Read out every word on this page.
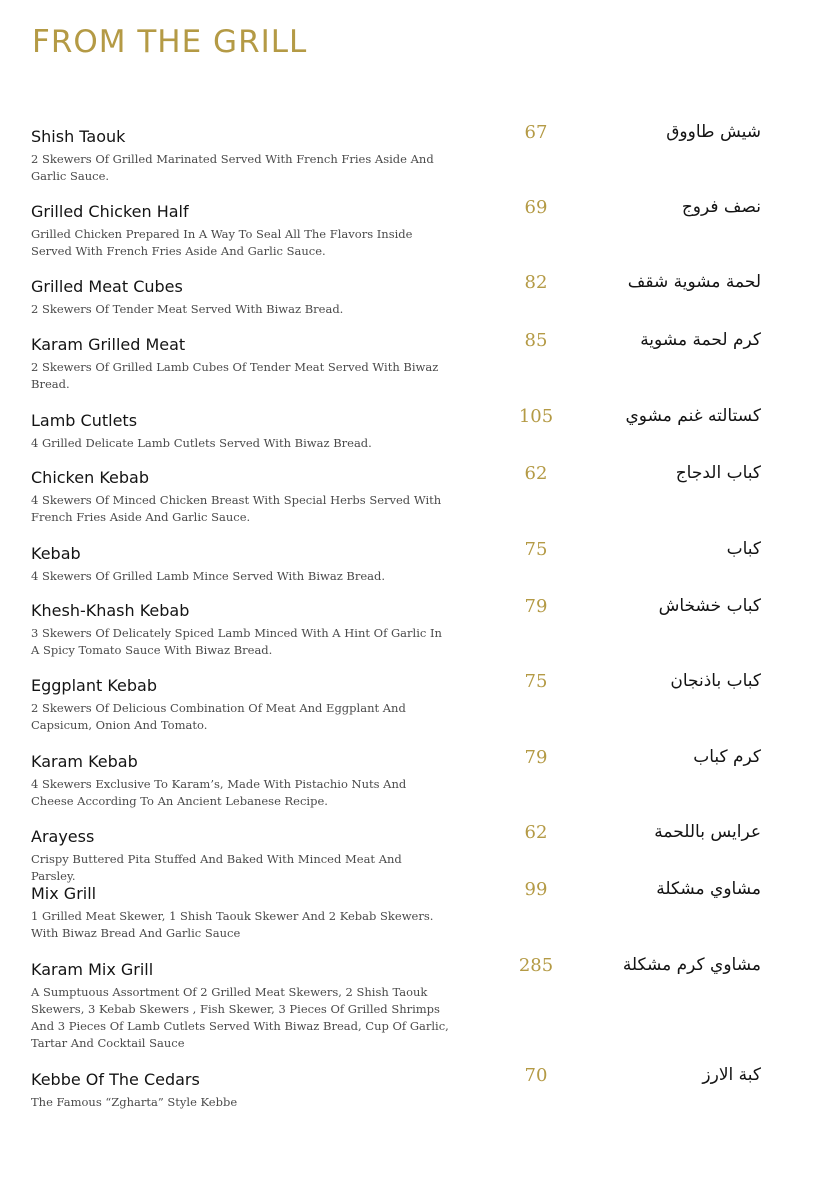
FROM THE GRILL
Shish Taouk
2 Skewers Of Grilled Marinated Served With French Fries Aside And Garlic Sauce.
67	شيش طاووق
Grilled Chicken Half
Grilled Chicken Prepared In A Way To Seal All The Flavors Inside Served With French Fries Aside And Garlic Sauce.
69	نصف فروج
Grilled Meat Cubes
2 Skewers Of Tender Meat Served With Biwaz Bread.
82	لحمة مشوية شقف
Karam Grilled Meat
2 Skewers Of Grilled Lamb Cubes Of Tender Meat Served With Biwaz Bread.
85	كرم لحمة مشوية
Lamb Cutlets
4 Grilled Delicate Lamb Cutlets Served With Biwaz Bread.
105	كستالته غنم مشوي
Chicken Kebab
4 Skewers Of Minced Chicken Breast With Special Herbs Served With French Fries Aside And Garlic Sauce.
62	كباب الدجاج
Kebab
4 Skewers Of Grilled Lamb Mince Served With Biwaz Bread.
75	كباب
Khesh-Khash Kebab
3 Skewers Of Delicately Spiced Lamb Minced With A Hint Of Garlic In A Spicy Tomato Sauce With Biwaz Bread.
79	كباب خشخاش
Eggplant Kebab
2 Skewers Of Delicious Combination Of Meat And Eggplant And Capsicum, Onion And Tomato.
75	كباب باذنجان
Karam Kebab
4 Skewers Exclusive To Karam’s, Made With Pistachio Nuts And Cheese According To An Ancient Lebanese Recipe.
79	كرم كباب
Arayess
Crispy Buttered Pita Stuffed And Baked With Minced Meat And Parsley.
62	عرايس باللحمة
Mix Grill
1 Grilled Meat Skewer, 1 Shish Taouk Skewer And 2 Kebab Skewers. With Biwaz Bread And Garlic Sauce
99	مشاوي مشكلة
Karam Mix Grill
A Sumptuous Assortment Of 2 Grilled Meat Skewers, 2 Shish Taouk Skewers, 3 Kebab Skewers , Fish Skewer, 3 Pieces Of Grilled Shrimps And 3 Pieces Of Lamb Cutlets Served With Biwaz Bread, Cup Of Garlic, Tartar And Cocktail Sauce
285	مشاوي كرم مشكلة
Kebbe Of The Cedars
The Famous “Zgharta” Style Kebbe
70	كبة الارز
